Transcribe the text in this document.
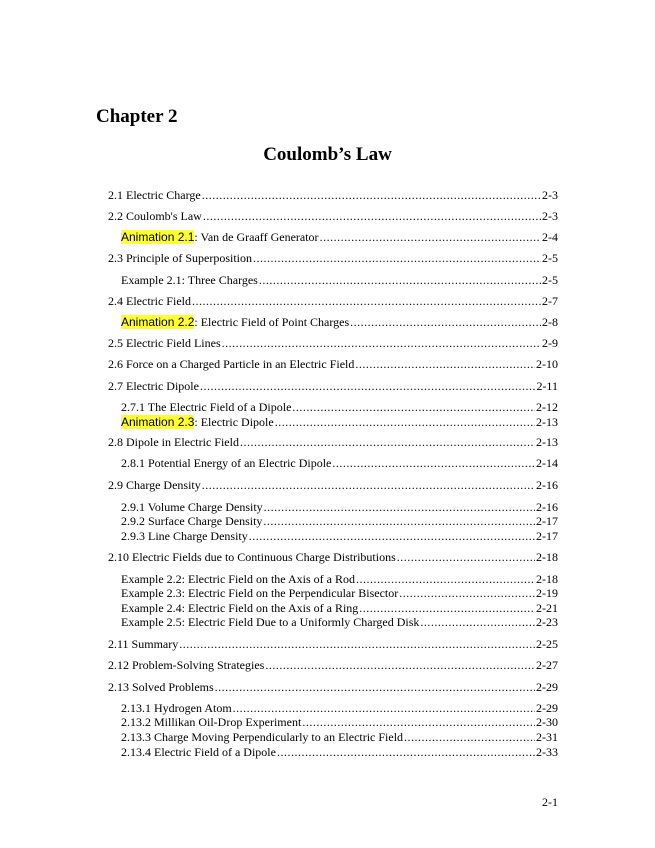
Chapter 2
Coulomb’s Law
2.1 Electric Charge .....	2-3
2.2 Coulomb's Law .....	2-3
Animation 2.1: Van de Graaff Generator .....	2-4
2.3 Principle of Superposition .....	2-5
Example 2.1: Three Charges .....	2-5
2.4 Electric Field .....	2-7
Animation 2.2: Electric Field of Point Charges .....	2-8
2.5 Electric Field Lines .....	2-9
2.6 Force on a Charged Particle in an Electric Field .....	2-10
2.7 Electric Dipole .....	2-11
2.7.1 The Electric Field of a Dipole .....	2-12
Animation 2.3: Electric Dipole .....	2-13
2.8 Dipole in Electric Field .....	2-13
2.8.1 Potential Energy of an Electric Dipole .....	2-14
2.9 Charge Density .....	2-16
2.9.1 Volume Charge Density .....	2-16
2.9.2 Surface Charge Density .....	2-17
2.9.3 Line Charge Density .....	2-17
2.10 Electric Fields due to Continuous Charge Distributions .....	2-18
Example 2.2: Electric Field on the Axis of a Rod .....	2-18
Example 2.3: Electric Field on the Perpendicular Bisector .....	2-19
Example 2.4: Electric Field on the Axis of a Ring .....	2-21
Example 2.5: Electric Field Due to a Uniformly Charged Disk .....	2-23
2.11 Summary .....	2-25
2.12 Problem-Solving Strategies .....	2-27
2.13 Solved Problems .....	2-29
2.13.1 Hydrogen Atom .....	2-29
2.13.2 Millikan Oil-Drop Experiment .....	2-30
2.13.3 Charge Moving Perpendicularly to an Electric Field .....	2-31
2.13.4 Electric Field of a Dipole .....	2-33
2-1
